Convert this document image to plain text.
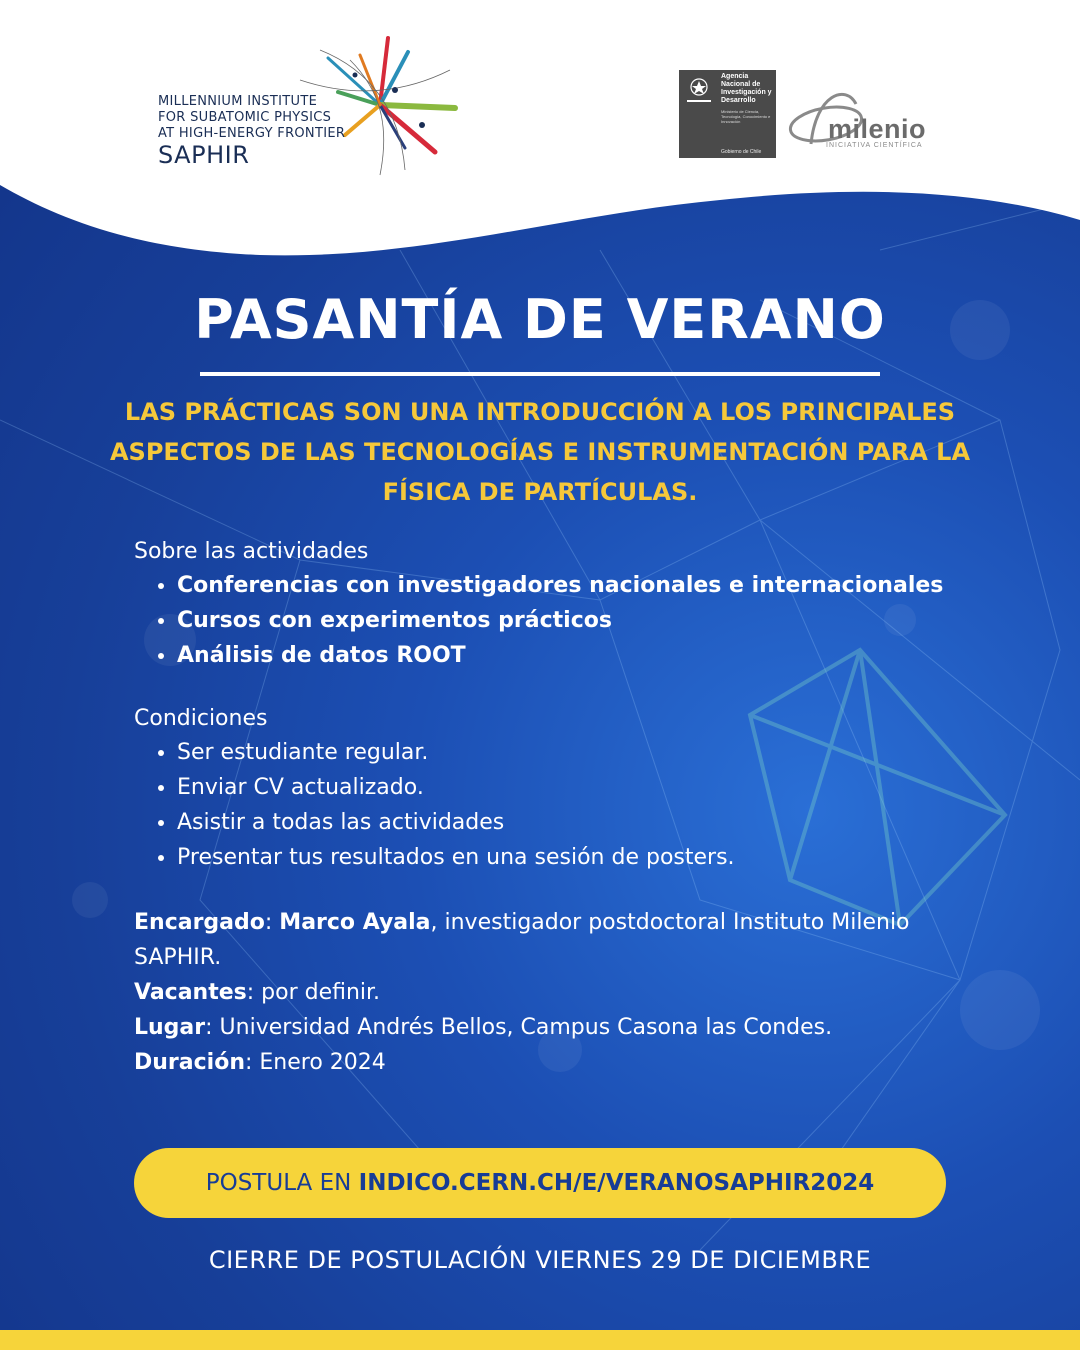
MILLENNIUM INSTITUTE
FOR SUBATOMIC PHYSICS
AT HIGH-ENERGY FRONTIER
SAPHIR
Agencia Nacional de Investigación y Desarrollo
Ministerio de Ciencia, Tecnología, Conocimiento e Innovación
Gobierno de Chile
milenio
INICIATIVA CIENTÍFICA
PASANTÍA DE VERANO
LAS PRÁCTICAS SON UNA INTRODUCCIÓN A LOS PRINCIPALES ASPECTOS DE LAS TECNOLOGÍAS E INSTRUMENTACIÓN PARA LA FÍSICA DE PARTÍCULAS.
Sobre las actividades
• Conferencias con investigadores nacionales e internacionales
• Cursos con experimentos prácticos
• Análisis de datos ROOT
Condiciones
• Ser estudiante regular.
• Enviar CV actualizado.
• Asistir a todas las actividades
• Presentar tus resultados en una sesión de posters.
Encargado: Marco Ayala, investigador postdoctoral Instituto Milenio SAPHIR.
Vacantes: por definir.
Lugar: Universidad Andrés Bellos, Campus Casona las Condes.
Duración: Enero 2024
POSTULA EN INDICO.CERN.CH/E/VERANOSAPHIR2024
CIERRE DE POSTULACIÓN VIERNES 29 DE DICIEMBRE
